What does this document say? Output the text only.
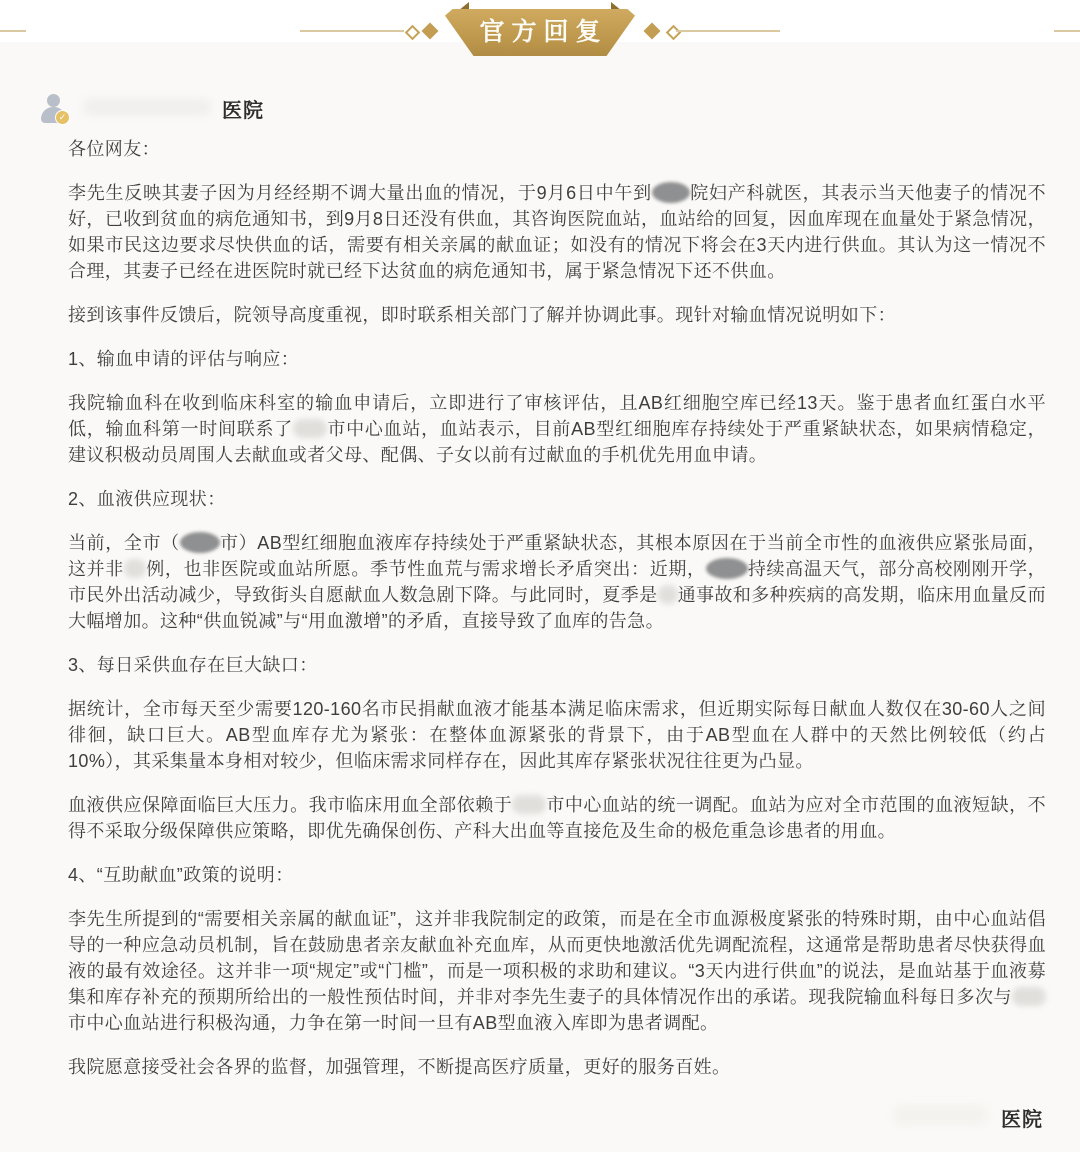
官方回复
✓	医院

各位网友：

李先生反映其妻子因为月经经期不调大量出血的情况，于9月6日中午到 院妇产科就医，其表示当天他妻子的情况不好，已收到贫血的病危通知书，到9月8日还没有供血，其咨询医院血站，血站给的回复，因血库现在血量处于紧急情况，如果市民这边要求尽快供血的话，需要有相关亲属的献血证；如没有的情况下将会在3天内进行供血。其认为这一情况不合理，其妻子已经在进医院时就已经下达贫血的病危通知书，属于紧急情况下还不供血。

接到该事件反馈后，院领导高度重视，即时联系相关部门了解并协调此事。现针对输血情况说明如下：

1、输血申请的评估与响应：

我院输血科在收到临床科室的输血申请后，立即进行了审核评估，且AB红细胞空库已经13天。鉴于患者血红蛋白水平低，输血科第一时间联系了 市中心血站，血站表示，目前AB型红细胞库存持续处于严重紧缺状态，如果病情稳定，建议积极动员周围人去献血或者父母、配偶、子女以前有过献血的手机优先用血申请。

2、血液供应现状：

当前，全市（ 市）AB型红细胞血液库存持续处于严重紧缺状态，其根本原因在于当前全市性的血液供应紧张局面，这并非 例，也非医院或血站所愿。季节性血荒与需求增长矛盾突出：近期， 持续高温天气，部分高校刚刚开学，市民外出活动减少，导致街头自愿献血人数急剧下降。与此同时，夏季是 通事故和多种疾病的高发期，临床用血量反而大幅增加。这种“供血锐减”与“用血激增”的矛盾，直接导致了血库的告急。

3、每日采供血存在巨大缺口：

据统计，全市每天至少需要120-160名市民捐献血液才能基本满足临床需求，但近期实际每日献血人数仅在30-60人之间徘徊，缺口巨大。AB型血库存尤为紧张：在整体血源紧张的背景下，由于AB型血在人群中的天然比例较低（约占10%），其采集量本身相对较少，但临床需求同样存在，因此其库存紧张状况往往更为凸显。

血液供应保障面临巨大压力。我市临床用血全部依赖于 市中心血站的统一调配。血站为应对全市范围的血液短缺，不得不采取分级保障供应策略，即优先确保创伤、产科大出血等直接危及生命的极危重急诊患者的用血。

4、“互助献血”政策的说明：

李先生所提到的“需要相关亲属的献血证”，这并非我院制定的政策，而是在全市血源极度紧张的特殊时期，由中心血站倡导的一种应急动员机制，旨在鼓励患者亲友献血补充血库，从而更快地激活优先调配流程，这通常是帮助患者尽快获得血液的最有效途径。这并非一项“规定”或“门槛”，而是一项积极的求助和建议。“3天内进行供血”的说法，是血站基于血液募集和库存补充的预期所给出的一般性预估时间，并非对李先生妻子的具体情况作出的承诺。现我院输血科每日多次与市中心血站进行积极沟通，力争在第一时间一旦有AB型血液入库即为患者调配。

我院愿意接受社会各界的监督，加强管理，不断提高医疗质量，更好的服务百姓。

医院
